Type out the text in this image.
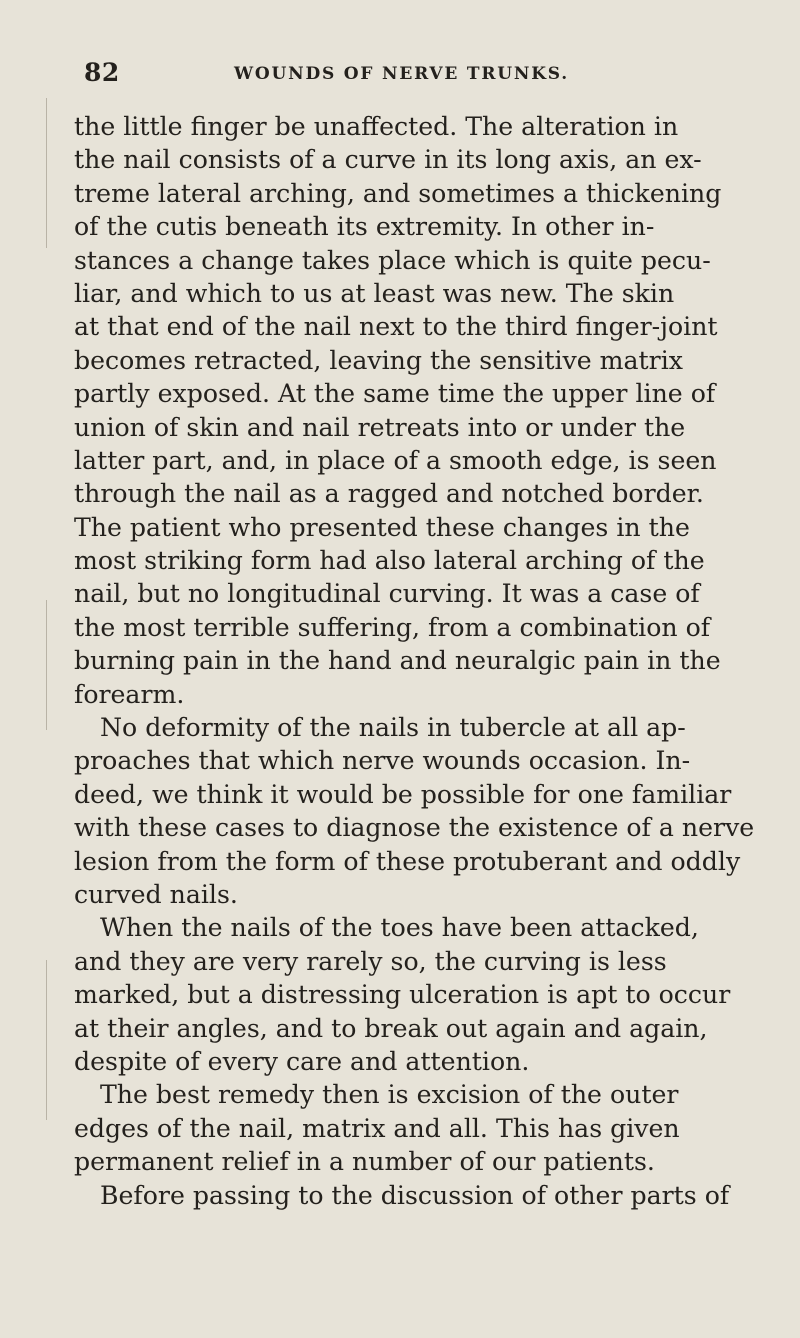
82	WOUNDS OF NERVE TRUNKS.
the little finger be unaffected. The alteration in
the nail consists of a curve in its long axis, an ex-
treme lateral arching, and sometimes a thickening
of the cutis beneath its extremity. In other in-
stances a change takes place which is quite pecu-
liar, and which to us at least was new. The skin
at that end of the nail next to the third finger-joint
becomes retracted, leaving the sensitive matrix
partly exposed. At the same time the upper line of
union of skin and nail retreats into or under the
latter part, and, in place of a smooth edge, is seen
through the nail as a ragged and notched border.
The patient who presented these changes in the
most striking form had also lateral arching of the
nail, but no longitudinal curving. It was a case of
the most terrible suffering, from a combination of
burning pain in the hand and neuralgic pain in the
forearm.
No deformity of the nails in tubercle at all ap-
proaches that which nerve wounds occasion. In-
deed, we think it would be possible for one familiar
with these cases to diagnose the existence of a nerve
lesion from the form of these protuberant and oddly
curved nails.
When the nails of the toes have been attacked,
and they are very rarely so, the curving is less
marked, but a distressing ulceration is apt to occur
at their angles, and to break out again and again,
despite of every care and attention.
The best remedy then is excision of the outer
edges of the nail, matrix and all. This has given
permanent relief in a number of our patients.
Before passing to the discussion of other parts of
